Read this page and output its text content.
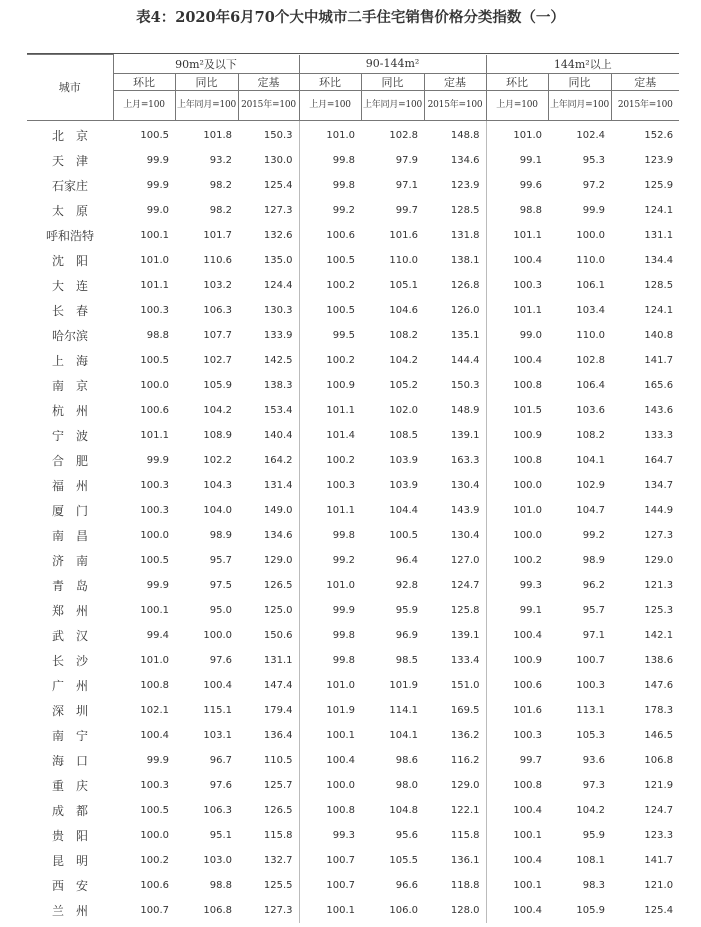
表4：2020年6月70个大中城市二手住宅销售价格分类指数（一）
城市	90m²及以下			90-144m²			144m²以上		
	环比	同比	定基	环比	同比	定基	环比	同比	定基
	上月=100	上年同月=100	2015年=100	上月=100	上年同月=100	2015年=100	上月=100	上年同月=100	2015年=100
北　京	100.5	101.8	150.3	101.0	102.8	148.8	101.0	102.4	152.6
天　津	99.9	93.2	130.0	99.8	97.9	134.6	99.1	95.3	123.9
石家庄	99.9	98.2	125.4	99.8	97.1	123.9	99.6	97.2	125.9
太　原	99.0	98.2	127.3	99.2	99.7	128.5	98.8	99.9	124.1
呼和浩特	100.1	101.7	132.6	100.6	101.6	131.8	101.1	100.0	131.1
沈　阳	101.0	110.6	135.0	100.5	110.0	138.1	100.4	110.0	134.4
大　连	101.1	103.2	124.4	100.2	105.1	126.8	100.3	106.1	128.5
长　春	100.3	106.3	130.3	100.5	104.6	126.0	101.1	103.4	124.1
哈尔滨	98.8	107.7	133.9	99.5	108.2	135.1	99.0	110.0	140.8
上　海	100.5	102.7	142.5	100.2	104.2	144.4	100.4	102.8	141.7
南　京	100.0	105.9	138.3	100.9	105.2	150.3	100.8	106.4	165.6
杭　州	100.6	104.2	153.4	101.1	102.0	148.9	101.5	103.6	143.6
宁　波	101.1	108.9	140.4	101.4	108.5	139.1	100.9	108.2	133.3
合　肥	99.9	102.2	164.2	100.2	103.9	163.3	100.8	104.1	164.7
福　州	100.3	104.3	131.4	100.3	103.9	130.4	100.0	102.9	134.7
厦　门	100.3	104.0	149.0	101.1	104.4	143.9	101.0	104.7	144.9
南　昌	100.0	98.9	134.6	99.8	100.5	130.4	100.0	99.2	127.3
济　南	100.5	95.7	129.0	99.2	96.4	127.0	100.2	98.9	129.0
青　岛	99.9	97.5	126.5	101.0	92.8	124.7	99.3	96.2	121.3
郑　州	100.1	95.0	125.0	99.9	95.9	125.8	99.1	95.7	125.3
武　汉	99.4	100.0	150.6	99.8	96.9	139.1	100.4	97.1	142.1
长　沙	101.0	97.6	131.1	99.8	98.5	133.4	100.9	100.7	138.6
广　州	100.8	100.4	147.4	101.0	101.9	151.0	100.6	100.3	147.6
深　圳	102.1	115.1	179.4	101.9	114.1	169.5	101.6	113.1	178.3
南　宁	100.4	103.1	136.4	100.1	104.1	136.2	100.3	105.3	146.5
海　口	99.9	96.7	110.5	100.4	98.6	116.2	99.7	93.6	106.8
重　庆	100.3	97.6	125.7	100.0	98.0	129.0	100.8	97.3	121.9
成　都	100.5	106.3	126.5	100.8	104.8	122.1	100.4	104.2	124.7
贵　阳	100.0	95.1	115.8	99.3	95.6	115.8	100.1	95.9	123.3
昆　明	100.2	103.0	132.7	100.7	105.5	136.1	100.4	108.1	141.7
西　安	100.6	98.8	125.5	100.7	96.6	118.8	100.1	98.3	121.0
兰　州	100.7	106.8	127.3	100.1	106.0	128.0	100.4	105.9	125.4
